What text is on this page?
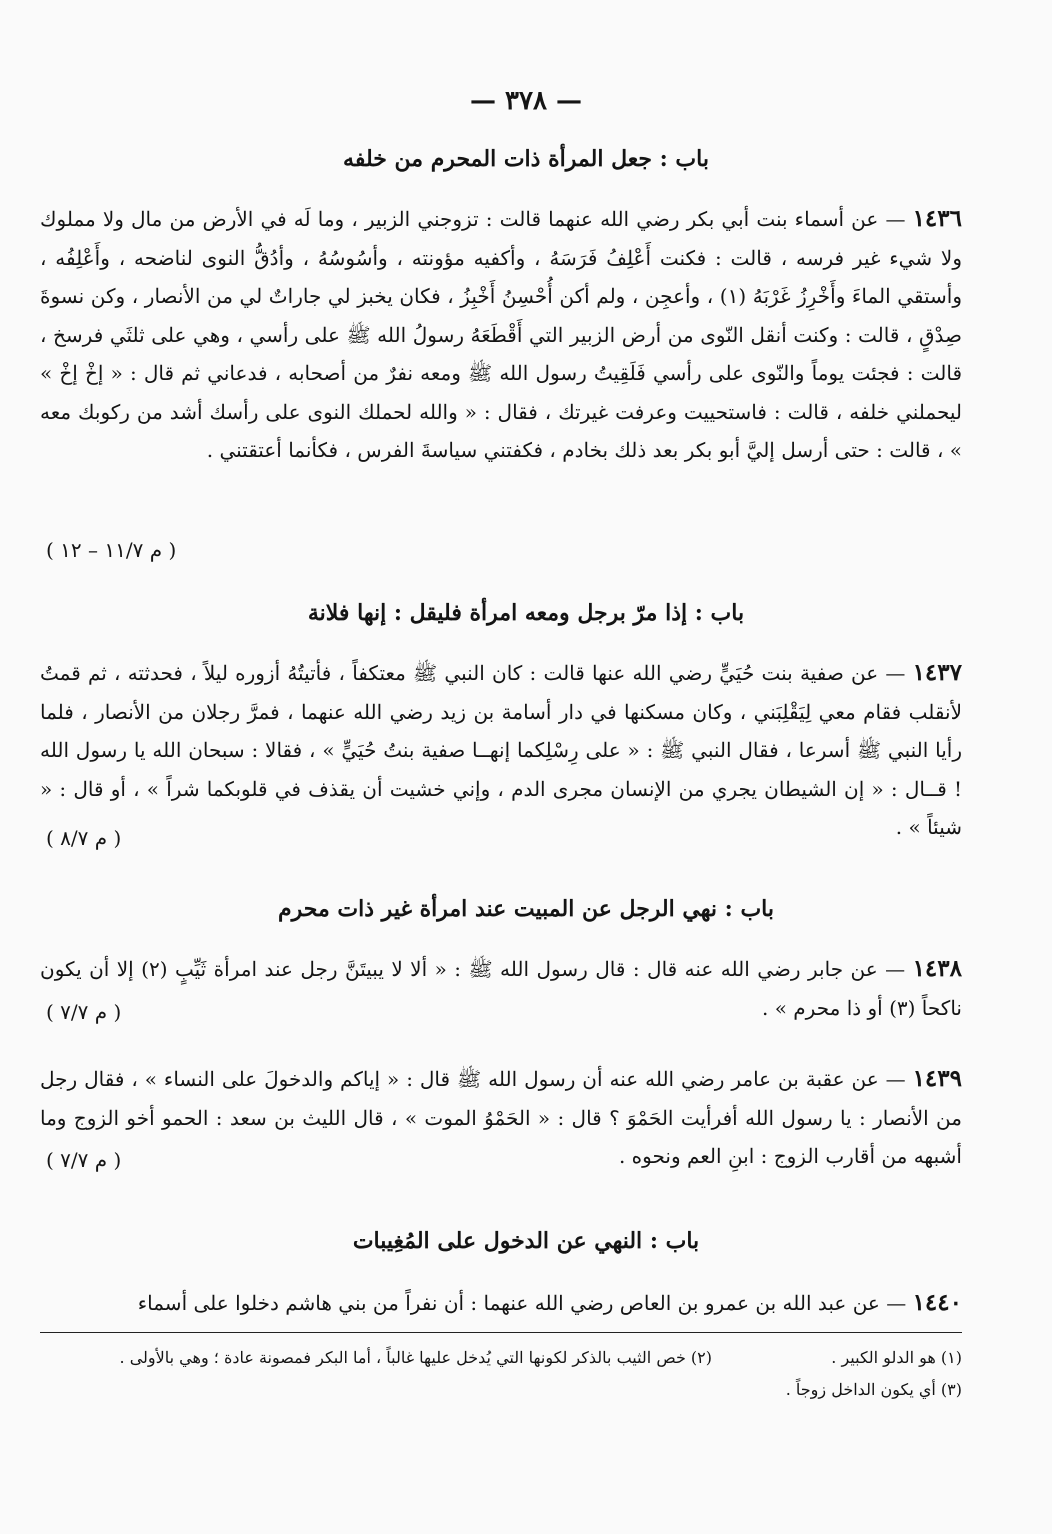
— ٣٧٨ —
باب : جعل المرأة ذات المحرم من خلفه
١٤٣٦ — عن أسماء بنت أبي بكر رضي الله عنهما قالت : تزوجني الزبير ، وما لَه في الأرض من مال ولا مملوك ولا شيء غير فرسه ، قالت : فكنت أَعْلِفُ فَرَسَهُ ، وأكفيه مؤونته ، وأسُوسُهُ ، وأدُقُّ النوى لناضحه ، وأَعْلِفُه ، وأستقي الماءَ وأَخْرِزُ غَرْبَهُ (١) ، وأعجِن ، ولم أكن أُحْسِنُ أَخْبِزُ ، فكان يخبز لي جاراتٌ لي من الأنصار ، وكن نسوةَ صِدْقٍ ، قالت : وكنت أنقل النّوى من أرض الزبير التي أَقْطَعَهُ رسولُ الله ﷺ على رأسي ، وهي على ثلثَي فرسخ ، قالت : فجئت يوماً والنّوى على رأسي فَلَقِيتُ رسول الله ﷺ ومعه نفرٌ من أصحابه ، فدعاني ثم قال : « إخْ إخْ » ليحملني خلفه ، قالت : فاستحييت وعرفت غيرتك ، فقال : « والله لحملك النوى على رأسك أشد من ركوبك معه » ، قالت : حتى أرسل إليَّ أبو بكر بعد ذلك بخادم ، فكفتني سياسةَ الفرس ، فكأنما أعتقتني .
( م ١١/٧ – ١٢ )
باب : إذا مرّ برجل ومعه امرأة فليقل : إنها فلانة
١٤٣٧ — عن صفية بنت حُيَيٍّ رضي الله عنها قالت : كان النبي ﷺ معتكفاً ، فأتيتُهُ أزوره ليلاً ، فحدثته ، ثم قمتُ لأنقلب فقام معي لِيَقْلِبَني ، وكان مسكنها في دار أسامة بن زيد رضي الله عنهما ، فمرَّ رجلان من الأنصار ، فلما رأيا النبي ﷺ أسرعا ، فقال النبي ﷺ : « على رِسْلِكما إنهــا صفية بنتُ حُيَيٍّ » ، فقالا : سبحان الله يا رسول الله ! قــال : « إن الشيطان يجري من الإنسان مجرى الدم ، وإني خشيت أن يقذف في قلوبكما شراً » ، أو قال : « شيئاً » .
( م ٨/٧ )
باب : نهي الرجل عن المبيت عند امرأة غير ذات محرم
١٤٣٨ — عن جابر رضي الله عنه قال : قال رسول الله ﷺ : « ألا لا يبيتَنَّ رجل عند امرأة ثَيِّبٍ (٢) إلا أن يكون ناكحاً (٣) أو ذا محرم » .
( م ٧/٧ )
١٤٣٩ — عن عقبة بن عامر رضي الله عنه أن رسول الله ﷺ قال : « إياكم والدخولَ على النساء » ، فقال رجل من الأنصار : يا رسول الله أفرأيت الحَمْوَ ؟ قال : « الحَمْوُ الموت » ، قال الليث بن سعد : الحمو أخو الزوج وما أشبهه من أقارب الزوج : ابنِ العم ونحوه .
( م ٧/٧ )
باب : النهي عن الدخول على المُغِيبات
١٤٤٠ — عن عبد الله بن عمرو بن العاص رضي الله عنهما : أن نفراً من بني هاشم دخلوا على أسماء
(١) هو الدلو الكبير .
(٢) خص الثيب بالذكر لكونها التي يُدخل عليها غالباً ، أما البكر فمصونة عادة ؛ وهي بالأولى .
(٣) أي يكون الداخل زوجاً .
